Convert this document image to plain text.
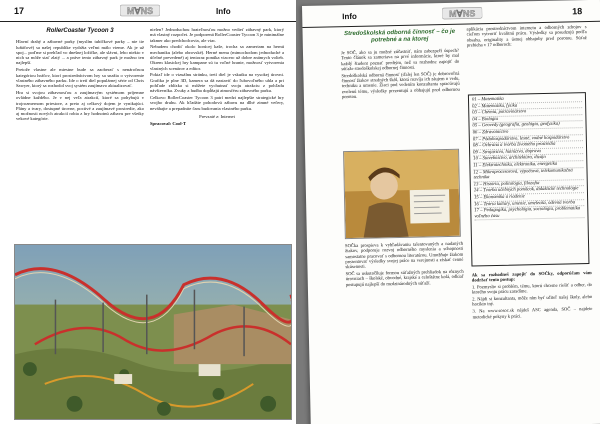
17	M∀NS	Info
RollerCoaster Tycoon 3

Hlavní drahý a zábavné parky (myslím tubíčkové parky – nie tie luňáčové) sa našej republike vydržia veľmi málo vieme. Ak je už spoj... poďme si prehľad vo dnešnej ložičke, ale slávni, lebo niekto v nich sa môže stať zlatý ... a práve tento zábavný park je možno ten najlepší.

Pretože vlastne ale miestne bude sa zaoberať s nenáročnou kategóriou hráčov, ktorí prostredníctvom hry sa snažia o vytvorenie vlastného zábavného parku. Ide o tretí diel populárnej série od Chris Sawyer, ktorý sa rozhodol svoj systém zaujímavo aktualizovať.

Hra si svojou zábavnosťou a zaujímavým systémom príjemne ovládne každého. Je v nej veľa atrakcií, ktoré sa pohybujú v trojrozmernom priestore, a preto aj celkový dojem je vynikajúci. Plány a tvary, dostupné úrovne, poctivé a zaujímavé prostredie, ako aj možnosti nových atrakcií robia z hry hodnotnú zábavu pre všetky vekové kategórie.

nielen? Jednoduchou hrateľnosťou možno vedieť zábavný park, ktorý má vlastný rozpočet. Je podporená RollerCoaster Tycoon 3 je minimálne takmer ako predchodcovia, ale viac.

Nebudem chodiť okolo horúcej kaše, trocha sa zameriam na hernú mechaniku (alebo obrovské). Herné menu (mimochodom jednoduché a účelné prevedené) aj tentoraz ponúka viacero už dobre známych volieb. Okrem klasickej hry kampane sú tu voľné hranie, možnosť vytvorenia vlastných scenárov a editor.

Pokiaľ ide o vizuálnu stránku, tretí diel je vskutku na vysokej úrovni. Grafika je plne 3D, kamera sa dá nastaviť do ľubovoľného uhla a pri pohľade zblízka si môžete vychutnať svoju atrakciu z pohľadu návštevníka. Zvuky a hudba dopĺňajú atmosféru zábavného parku.

Celkovo RollerCoaster Tycoon 3 patrí medzi najlepšie strategické hry svojho druhu. Ak hľadáte pohodovú zábavu na dlhé zimné večery, neváhajte a prepadnite čaru budovania vlastného parku.

Prevzaté z: Internet

Spracoval: Cool-T

Info	M∀NS	18
Stredoškolská odborná činnosť – čo je potrebné a na ktorej

Je SOČ, ako sa ju možné zúčastniť, nám zabezpečí úspech? Tento článok sa zameriava na prvé informácie, ktoré by mal každý študent poznať predtým, než sa rozhodne zapojiť do súťaže stredoškolskej odbornej činnosti.

Stredoškolská odborná činnosť (ďalej len SOČ) je dobrovoľná činnosť žiakov stredných škôl, ktorá rozvíja ich záujem o vedu, techniku a umenie. Žiaci pod vedením konzultanta spracúvajú zvolenú tému, výsledky prezentujú a obhajujú pred odbornou porotou.

SOČka prospieva k vyhľadávaniu talentovaných a nadaných žiakov, podporuje rozvoj odborného myslenia a schopnosti samostatne pracovať s odbornou literatúrou. Umožňuje žiakom prezentovať výsledky svojej práce na verejnosti a získať cenné skúsenosti.

SOČ sa uskutočňuje formou súťažných prehliadok na rôznych úrovniach – školské, obvodné, krajské a celoštátne kolá, odkiaľ postupujú najlepší do medzinárodných súťaží.

aplikácia prostredníctvom internetu a odborných zdrojov s cieľom vytvoriť kvalitnú prácu. Výsledky sa posudzujú podľa obsahu, originality a ústnej obhajoby pred porotou. Súťaž prebieha v 17 odboroch:

01 – Matematika
02 – Matematika, fyzika
03 – Chémia, potravinárstvo
04 – Biológia
05 – Geovedy (geografia, geológia, geofyzika)
06 – Zdravotníctvo
07 – Pôdohospodárstvo, lesné, vodné hospodárstvo
08 – Ochrana a tvorba životného prostredia
09 – Strojárstvo, hutníctvo, doprava
10 – Stavebníctvo, architektúra, dizajn
11 – Elektrotechnika, elektronika, energetika
12 – Mikroprocesorová, výpočtová, telekomunikačná technika
13 – História, politológia, filozofia
14 – Tvorba učebných pomôcok, didaktické technológie
15 – Ekonomika a riadenie
16 – Teória kultúry, umenie, umelecká, odevná tvorba
17 – Pedagogika, psychológia, sociológia, problematika voľného času

Ak sa rozhodneš zapojiť do SOČky, odporúčam vám dodržať tento postup:

1. Pozmyslie si problém, tému, ktorú chceme riešiť a odber, do ktorého svoju prácu zaradíme.

2. Nájdi si konzultanta, môže ním byť učiteľ našej školy, alebo hocikto iný.

3. Na www.sosoc.sk nájdeš ASC agenda, SOČ – najdete metodické pokyny k práci.
